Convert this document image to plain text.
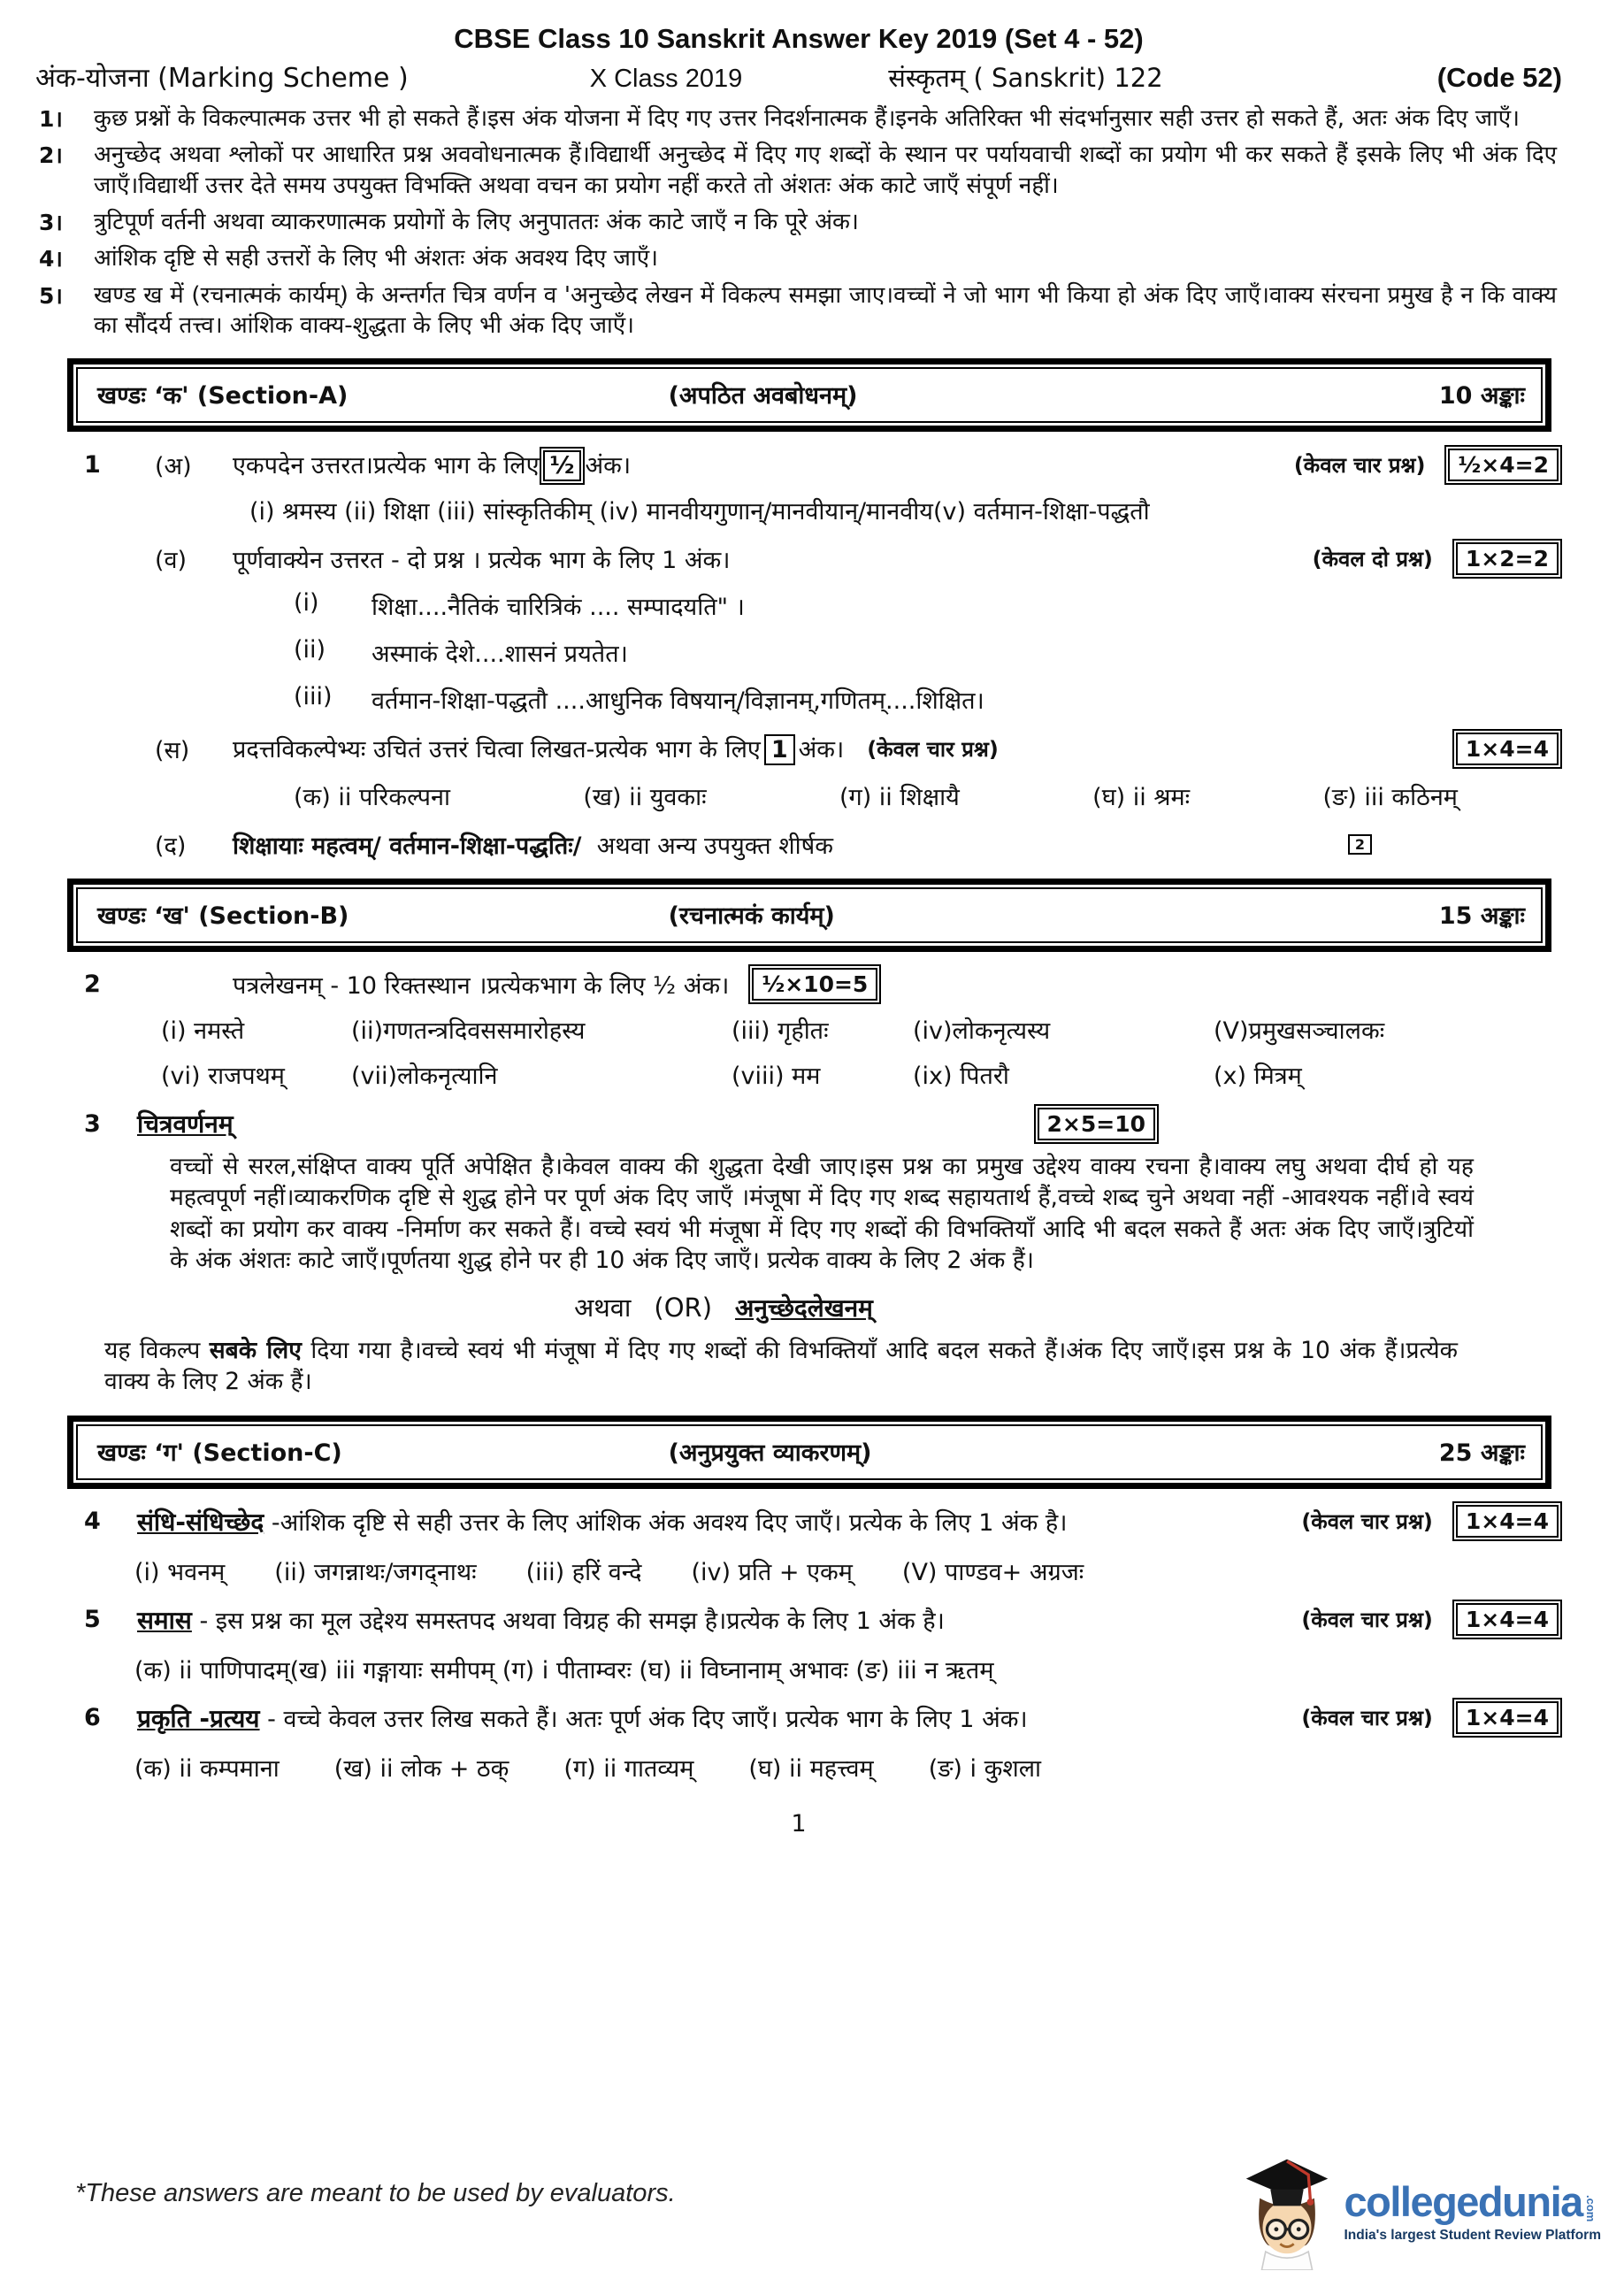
CBSE Class 10 Sanskrit Answer Key 2019 (Set 4 - 52)
अंक-योजना (Marking Scheme )	X Class 2019	संस्कृतम् ( Sanskrit) 122	(Code 52)
1।	कुछ प्रश्नों के विकल्पात्मक उत्तर भी हो सकते हैं।इस अंक योजना में दिए गए उत्तर निदर्शनात्मक हैं।इनके अतिरिक्त भी संदर्भानुसार सही उत्तर हो सकते हैं, अतः अंक दिए जाएँ।
2।	अनुच्छेद अथवा श्लोकों पर आधारित प्रश्न अववोधनात्मक हैं।विद्यार्थी अनुच्छेद में दिए गए शब्दों के स्थान पर पर्यायवाची शब्दों का प्रयोग भी कर सकते हैं इसके लिए भी अंक दिए जाएँ।विद्यार्थी उत्तर देते समय उपयुक्त विभक्ति अथवा वचन का प्रयोग नहीं करते तो अंशतः अंक काटे जाएँ संपूर्ण नहीं।
3।	त्रुटिपूर्ण वर्तनी अथवा व्याकरणात्मक प्रयोगों के लिए अनुपाततः अंक काटे जाएँ न कि पूरे अंक।
4।	आंशिक दृष्टि से सही उत्तरों के लिए भी अंशतः अंक अवश्य दिए जाएँ।
5।	खण्ड ख में (रचनात्मकं कार्यम्) के अन्तर्गत चित्र वर्णन व 'अनुच्छेद लेखन में विकल्प समझा जाए।वच्चों ने जो भाग भी किया हो अंक दिए जाएँ।वाक्य संरचना प्रमुख है न कि वाक्य का सौंदर्य तत्त्व। आंशिक वाक्य-शुद्धता के लिए भी अंक दिए जाएँ।
खण्डः ‘क' (Section-A)	(अपठित अवबोधनम्)	10 अङ्काः
1	(अ)	एकपदेन उत्तरत।प्रत्येक भाग के लिए ½ अंक।	(केवल चार प्रश्न)	½×4=2
(i) श्रमस्य (ii) शिक्षा (iii) सांस्कृतिकीम् (iv) मानवीयगुणान्/मानवीयान्/मानवीय(v) वर्तमान-शिक्षा-पद्धतौ
(व)	पूर्णवाक्येन उत्तरत - दो प्रश्न । प्रत्येक भाग के लिए 1 अंक।	(केवल दो प्रश्न)	1×2=2
(i)	शिक्षा....नैतिकं चारित्रिकं .... सम्पादयति" ।
(ii)	अस्माकं देशे....शासनं प्रयतेत।
(iii)	वर्तमान-शिक्षा-पद्धतौ ....आधुनिक विषयान्/विज्ञानम्,गणितम्....शिक्षित।
(स)	प्रदत्तविकल्पेभ्यः उचितं उत्तरं चित्वा लिखत-प्रत्येक भाग के लिए 1 अंक। (केवल चार प्रश्न)	1×4=4
(क) ii परिकल्पना	(ख) ii युवकाः	(ग) ii शिक्षायै	(घ) ii श्रमः	(ङ) iii कठिनम्
(द)	शिक्षायाः महत्वम्/ वर्तमान-शिक्षा-पद्धतिः/ अथवा अन्य उपयुक्त शीर्षक	2
खण्डः ‘ख' (Section-B)	(रचनात्मकं कार्यम्)	15 अङ्काः
2	पत्रलेखनम् - 10 रिक्तस्थान ।प्रत्येकभाग के लिए ½ अंक।	½×10=5
(i) नमस्ते	(ii)गणतन्त्रदिवससमारोहस्य	(iii) गृहीतः	(iv)लोकनृत्यस्य	(V)प्रमुखसञ्चालकः
(vi) राजपथम्	(vii)लोकनृत्यानि	(viii) मम	(ix) पितरौ	(x) मित्रम्
3	चित्रवर्णनम्	2×5=10
वच्चों से सरल,संक्षिप्त वाक्य पूर्ति अपेक्षित है।केवल वाक्य की शुद्धता देखी जाए।इस प्रश्न का प्रमुख उद्देश्य वाक्य रचना है।वाक्य लघु अथवा दीर्घ हो यह महत्वपूर्ण नहीं।व्याकरणिक दृष्टि से शुद्ध होने पर पूर्ण अंक दिए जाएँ ।मंजूषा में दिए गए शब्द सहायतार्थ हैं,वच्चे शब्द चुने अथवा नहीं -आवश्यक नहीं।वे स्वयं शब्दों का प्रयोग कर वाक्य -निर्माण कर सकते हैं। वच्चे स्वयं भी मंजूषा में दिए गए शब्दों की विभक्तियाँ आदि भी बदल सकते हैं अतः अंक दिए जाएँ।त्रुटियों के अंक अंशतः काटे जाएँ।पूर्णतया शुद्ध होने पर ही 10 अंक दिए जाएँ। प्रत्येक वाक्य के लिए 2 अंक हैं।
अथवा (OR) अनुच्छेदलेखनम्
यह विकल्प सबके लिए दिया गया है।वच्चे स्वयं भी मंजूषा में दिए गए शब्दों की विभक्तियाँ आदि बदल सकते हैं।अंक दिए जाएँ।इस प्रश्न के 10 अंक हैं।प्रत्येक वाक्य के लिए 2 अंक हैं।
खण्डः ‘ग' (Section-C)	(अनुप्रयुक्त व्याकरणम्)	25 अङ्काः
4	संधि-संधिच्छेद -आंशिक दृष्टि से सही उत्तर के लिए आंशिक अंक अवश्य दिए जाएँ। प्रत्येक के लिए 1 अंक है।	(केवल चार प्रश्न)	1×4=4
(i) भवनम् (ii) जगन्नाथः/जगद्नाथः (iii) हरिं वन्दे (iv) प्रति + एकम् (V) पाण्डव+ अग्रजः
5	समास - इस प्रश्न का मूल उद्देश्य समस्तपद अथवा विग्रह की समझ है।प्रत्येक के लिए 1 अंक है।	(केवल चार प्रश्न)	1×4=4
(क) ii पाणिपादम्(ख) iii गङ्गायाः समीपम् (ग) i पीताम्वरः (घ) ii विघ्नानाम् अभावः (ङ) iii न ऋतम्
6	प्रकृति -प्रत्यय - वच्चे केवल उत्तर लिख सकते हैं। अतः पूर्ण अंक दिए जाएँ। प्रत्येक भाग के लिए 1 अंक।	(केवल चार प्रश्न)	1×4=4
(क) ii कम्पमाना (ख) ii लोक + ठक् (ग) ii गातव्यम् (घ) ii महत्त्वम् (ङ) i कुशला
1
*These answers are meant to be used by evaluators.	collegedunia .com
India's largest Student Review Platform
